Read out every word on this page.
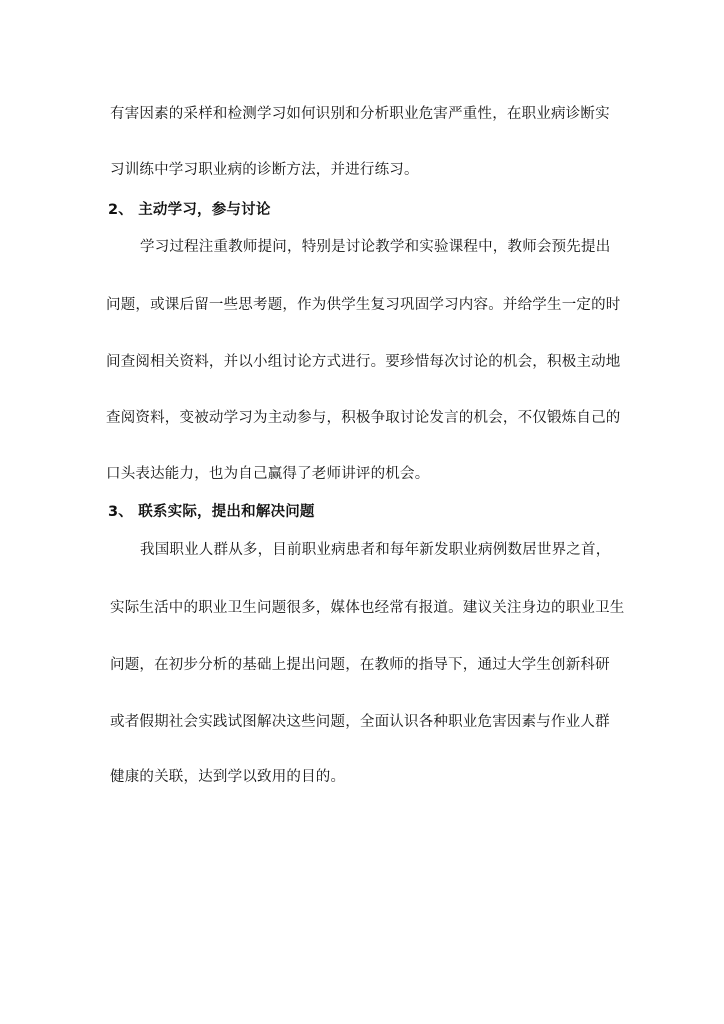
有害因素的采样和检测学习如何识别和分析职业危害严重性，在职业病诊断实
习训练中学习职业病的诊断方法，并进行练习。
2、 主动学习，参与讨论
学习过程注重教师提问，特别是讨论教学和实验课程中，教师会预先提出
问题，或课后留一些思考题，作为供学生复习巩固学习内容。并给学生一定的时
间查阅相关资料，并以小组讨论方式进行。要珍惜每次讨论的机会，积极主动地
查阅资料，变被动学习为主动参与，积极争取讨论发言的机会，不仅锻炼自己的
口头表达能力，也为自己赢得了老师讲评的机会。
3、 联系实际，提出和解决问题
我国职业人群从多，目前职业病患者和每年新发职业病例数居世界之首，
实际生活中的职业卫生问题很多，媒体也经常有报道。建议关注身边的职业卫生
问题，在初步分析的基础上提出问题，在教师的指导下，通过大学生创新科研
或者假期社会实践试图解决这些问题，全面认识各种职业危害因素与作业人群
健康的关联，达到学以致用的目的。
